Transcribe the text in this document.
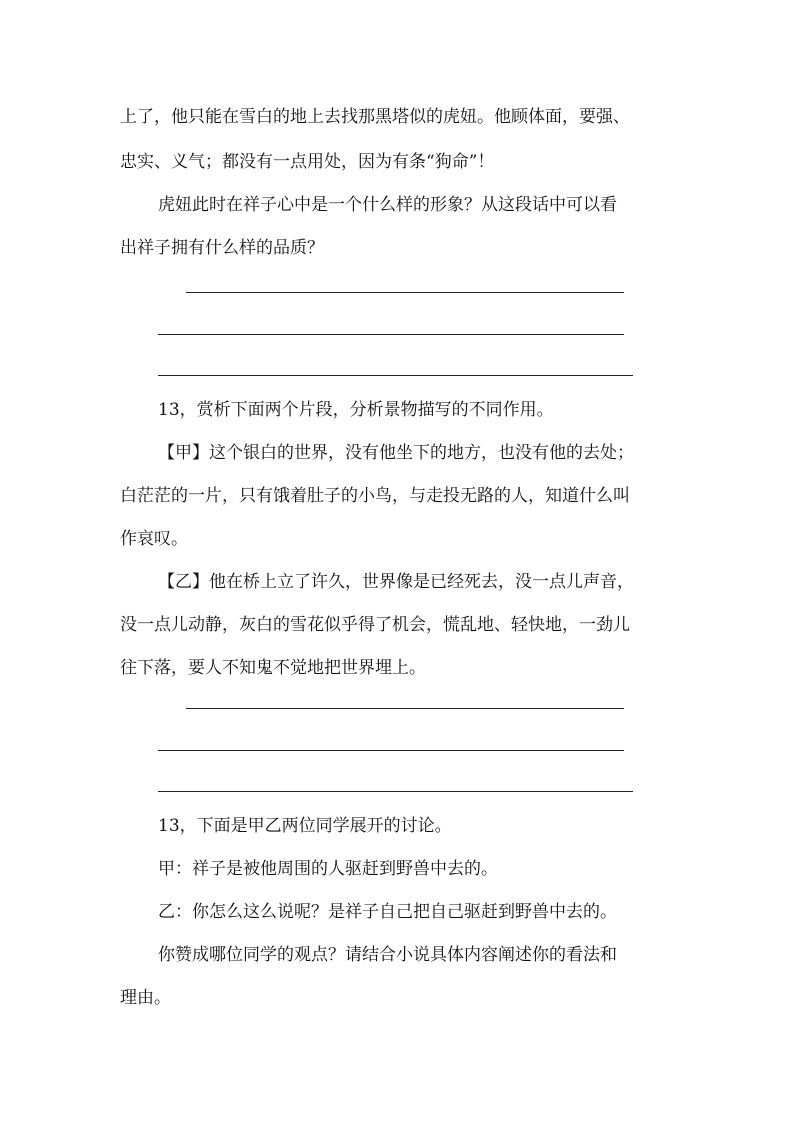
上了，他只能在雪白的地上去找那黑塔似的虎妞。他顾体面，要强、
忠实、义气；都没有一点用处，因为有条“狗命”！
虎妞此时在祥子心中是一个什么样的形象？从这段话中可以看
出祥子拥有什么样的品质？
13，赏析下面两个片段，分析景物描写的不同作用。
【甲】这个银白的世界，没有他坐下的地方，也没有他的去处；
白茫茫的一片，只有饿着肚子的小鸟，与走投无路的人，知道什么叫
作哀叹。
【乙】他在桥上立了许久，世界像是已经死去，没一点儿声音，
没一点儿动静，灰白的雪花似乎得了机会，慌乱地、轻快地，一劲儿
往下落，要人不知鬼不觉地把世界埋上。
13，下面是甲乙两位同学展开的讨论。
甲：祥子是被他周围的人驱赶到野兽中去的。
乙：你怎么这么说呢？是祥子自己把自己驱赶到野兽中去的。
你赞成哪位同学的观点？请结合小说具体内容阐述你的看法和
理由。
